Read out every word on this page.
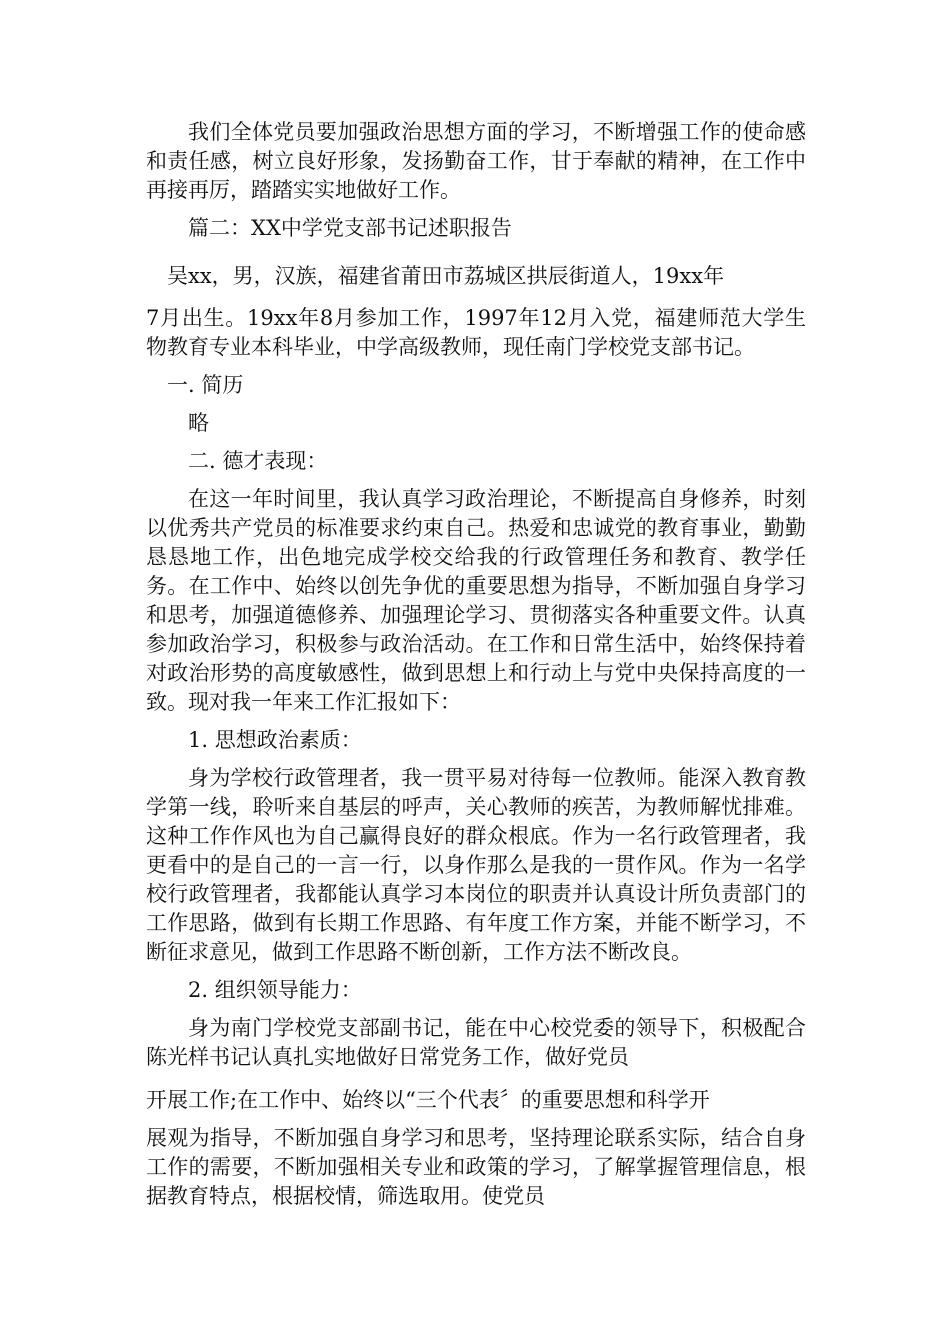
我们全体党员要加强政治思想方面的学习，不断增强工作的使命感和责任感，树立良好形象，发扬勤奋工作，甘于奉献的精神，在工作中再接再厉，踏踏实实地做好工作。

篇二：XX中学党支部书记述职报告

吴xx，男，汉族，福建省莆田市荔城区拱辰街道人，19xx年

7月出生。19xx年8月参加工作，1997年12月入党，福建师范大学生物教育专业本科毕业，中学高级教师，现任南门学校党支部书记。

一. 简历

略

二. 德才表现：

在这一年时间里，我认真学习政治理论，不断提高自身修养，时刻以优秀共产党员的标准要求约束自己。热爱和忠诚党的教育事业，勤勤恳恳地工作，出色地完成学校交给我的行政管理任务和教育、教学任务。在工作中、始终以创先争优的重要思想为指导，不断加强自身学习和思考，加强道德修养、加强理论学习、贯彻落实各种重要文件。认真参加政治学习，积极参与政治活动。在工作和日常生活中，始终保持着对政治形势的高度敏感性，做到思想上和行动上与党中央保持高度的一致。现对我一年来工作汇报如下：

1. 思想政治素质：

身为学校行政管理者，我一贯平易对待每一位教师。能深入教育教学第一线，聆听来自基层的呼声，关心教师的疾苦，为教师解忧排难。这种工作作风也为自己赢得良好的群众根底。作为一名行政管理者，我更看中的是自己的一言一行，以身作那么是我的一贯作风。作为一名学校行政管理者，我都能认真学习本岗位的职责并认真设计所负责部门的工作思路，做到有长期工作思路、有年度工作方案，并能不断学习，不断征求意见，做到工作思路不断创新，工作方法不断改良。

2. 组织领导能力：

身为南门学校党支部副书记，能在中心校党委的领导下，积极配合陈光样书记认真扎实地做好日常党务工作，做好党员

开展工作;在工作中、始终以“三个代表〞的重要思想和科学开

展观为指导，不断加强自身学习和思考，坚持理论联系实际，结合自身工作的需要，不断加强相关专业和政策的学习，了解掌握管理信息，根据教育特点，根据校情，筛选取用。使党员
